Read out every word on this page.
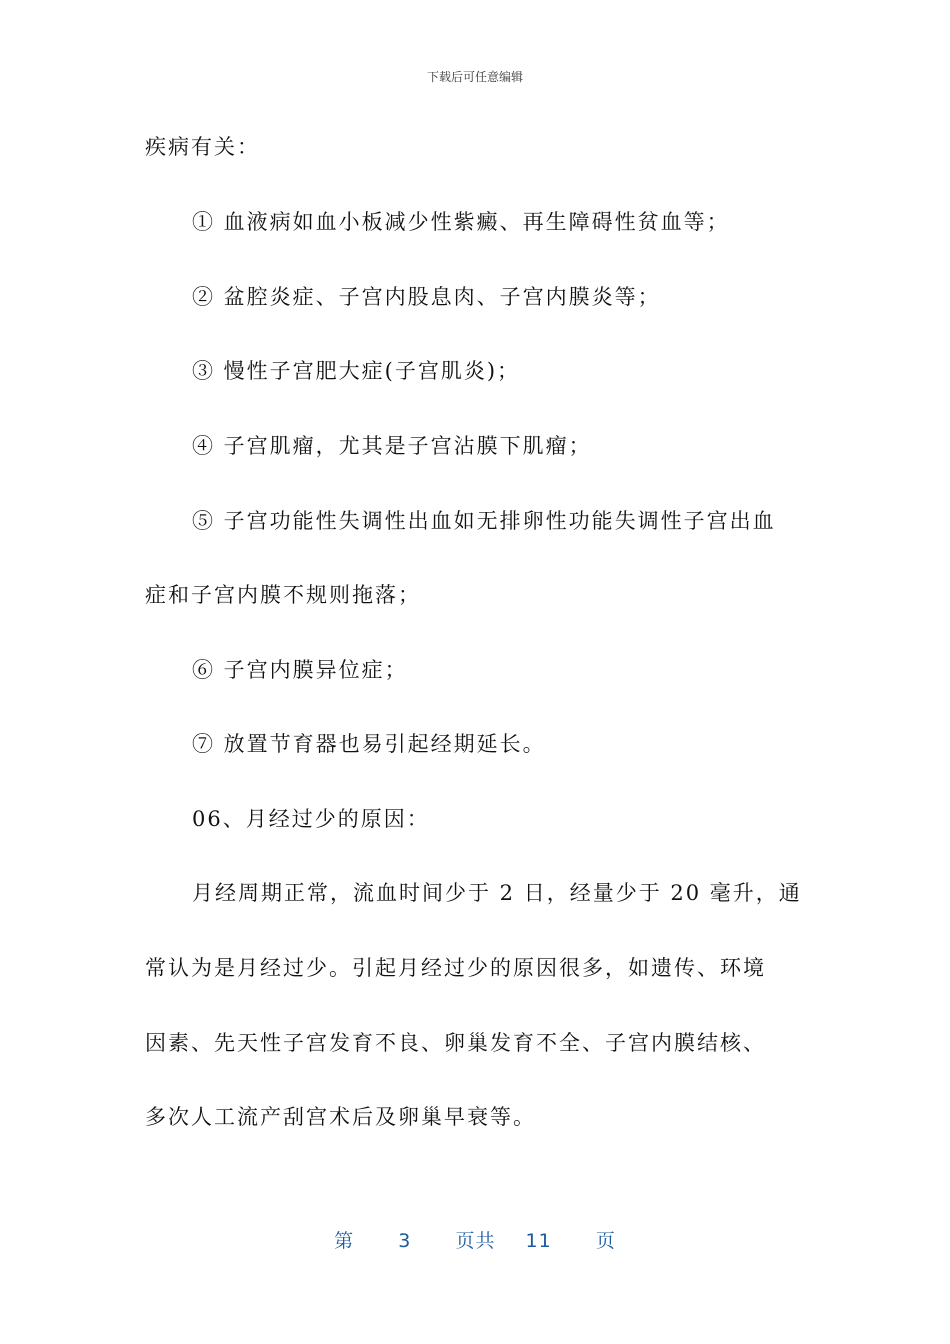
下载后可任意编辑
疾病有关：
① 血液病如血小板减少性紫癜、再生障碍性贫血等；
② 盆腔炎症、子宫内股息肉、子宫内膜炎等；
③ 慢性子宫肥大症(子宫肌炎)；
④ 子宫肌瘤，尤其是子宫沾膜下肌瘤；
⑤ 子宫功能性失调性出血如无排卵性功能失调性子宫出血
症和子宫内膜不规则拖落；
⑥ 子宫内膜异位症；
⑦ 放置节育器也易引起经期延长。
06、月经过少的原因：
月经周期正常，流血时间少于 2 日，经量少于 20 毫升，通
常认为是月经过少。引起月经过少的原因很多，如遗传、环境
因素、先天性子宫发育不良、卵巢发育不全、子宫内膜结核、
多次人工流产刮宫术后及卵巢早衰等。
第 3 页共 11 页
